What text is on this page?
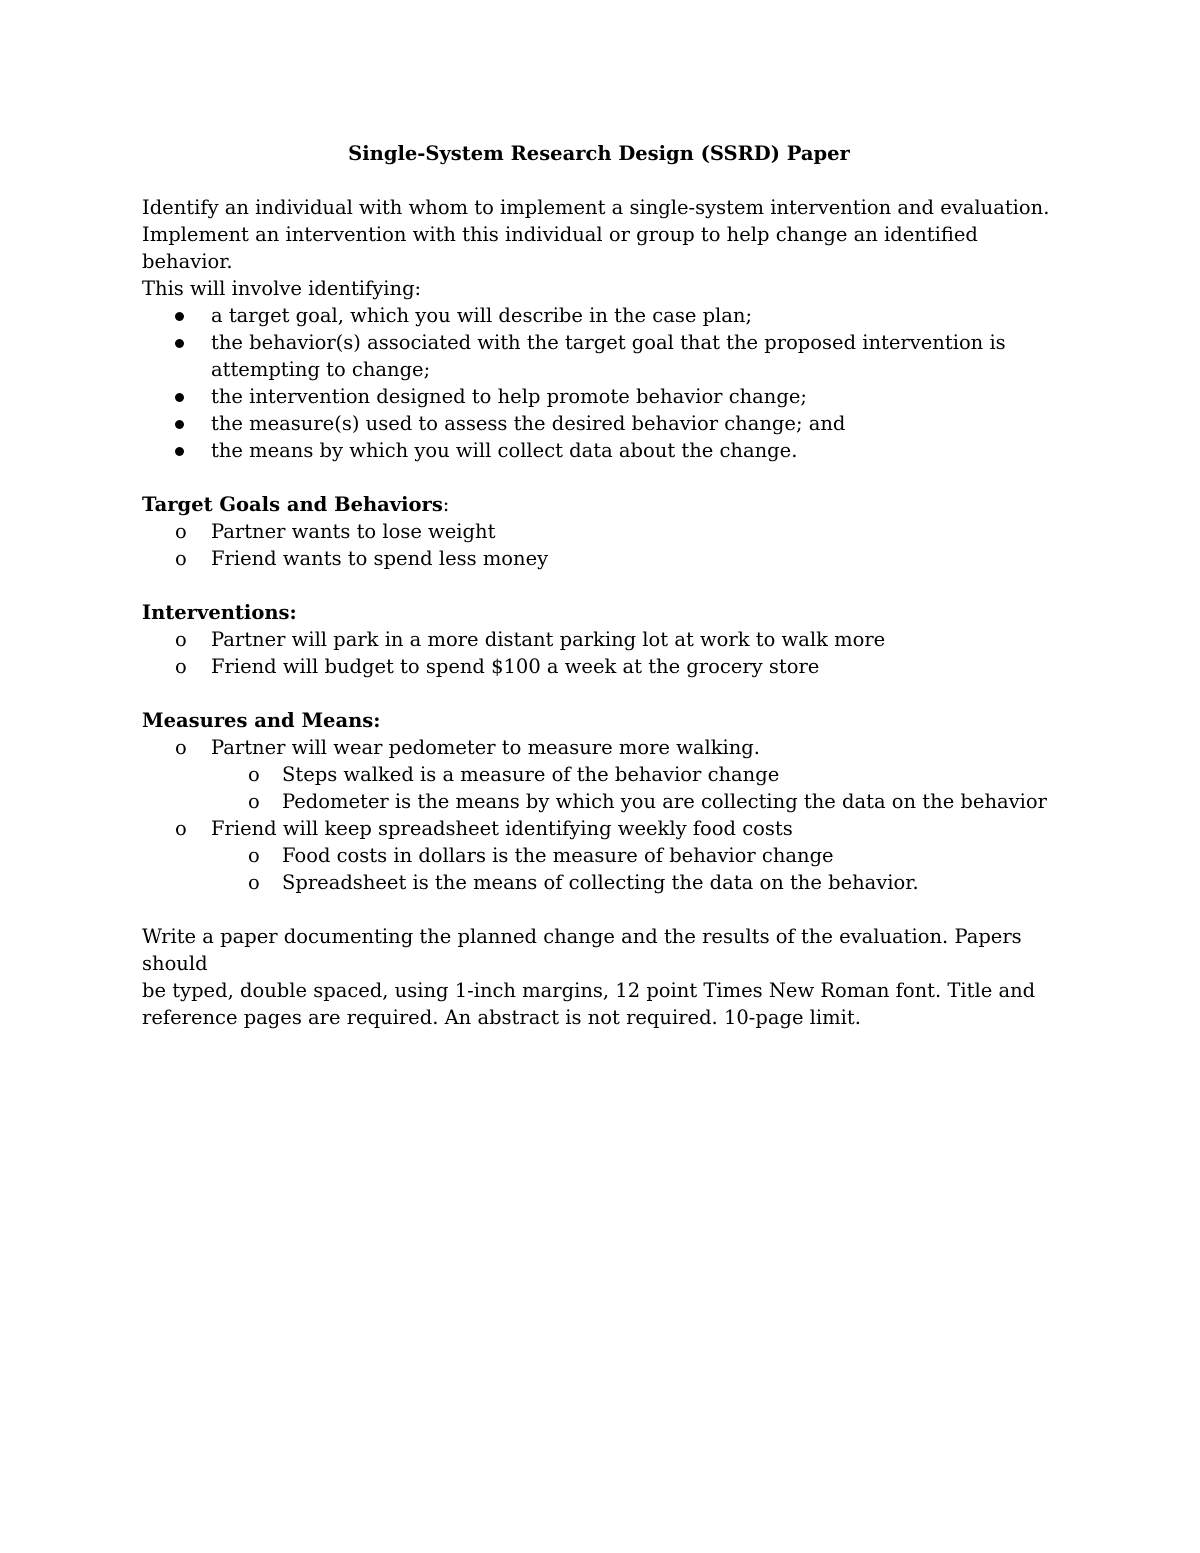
Single-System Research Design (SSRD) Paper

Identify an individual with whom to implement a single-system intervention and evaluation.

Implement an intervention with this individual or group to help change an identified behavior.

This will involve identifying:

a target goal, which you will describe in the case plan;
the behavior(s) associated with the target goal that the proposed intervention is attempting to change;
the intervention designed to help promote behavior change;
the measure(s) used to assess the desired behavior change; and
the means by which you will collect data about the change.

Target Goals and Behaviors:

o Partner wants to lose weight
o Friend wants to spend less money

Interventions:

o Partner will park in a more distant parking lot at work to walk more
o Friend will budget to spend $100 a week at the grocery store

Measures and Means:

o Partner will wear pedometer to measure more walking.
o Steps walked is a measure of the behavior change
o Pedometer is the means by which you are collecting the data on the behavior
o Friend will keep spreadsheet identifying weekly food costs
o Food costs in dollars is the measure of behavior change
o Spreadsheet is the means of collecting the data on the behavior.

Write a paper documenting the planned change and the results of the evaluation. Papers should

be typed, double spaced, using 1-inch margins, 12 point Times New Roman font. Title and

reference pages are required. An abstract is not required. 10-page limit.
